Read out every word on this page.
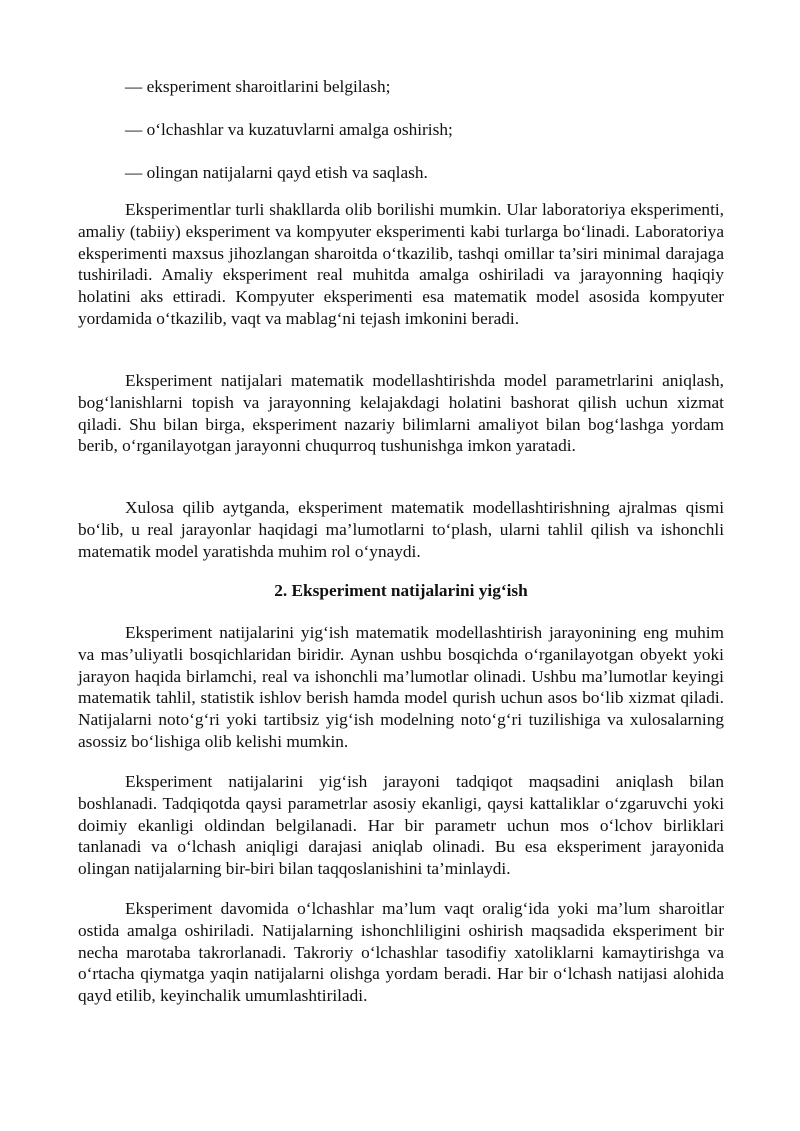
— eksperiment sharoitlarini belgilash;
— o‘lchashlar va kuzatuvlarni amalga oshirish;
— olingan natijalarni qayd etish va saqlash.
Eksperimentlar turli shakllarda olib borilishi mumkin. Ular laboratoriya eksperimenti, amaliy (tabiiy) eksperiment va kompyuter eksperimenti kabi turlarga bo‘linadi. Laboratoriya eksperimenti maxsus jihozlangan sharoitda o‘tkazilib, tashqi omillar ta’siri minimal darajaga tushiriladi. Amaliy eksperiment real muhitda amalga oshiriladi va jarayonning haqiqiy holatini aks ettiradi. Kompyuter eksperimenti esa matematik model asosida kompyuter yordamida o‘tkazilib, vaqt va mablag‘ni tejash imkonini beradi.
Eksperiment natijalari matematik modellashtirishda model parametrlarini aniqlash, bog‘lanishlarni topish va jarayonning kelajakdagi holatini bashorat qilish uchun xizmat qiladi. Shu bilan birga, eksperiment nazariy bilimlarni amaliyot bilan bog‘lashga yordam berib, o‘rganilayotgan jarayonni chuqurroq tushunishga imkon yaratadi.
Xulosa qilib aytganda, eksperiment matematik modellashtirishning ajralmas qismi bo‘lib, u real jarayonlar haqidagi ma’lumotlarni to‘plash, ularni tahlil qilish va ishonchli matematik model yaratishda muhim rol o‘ynaydi.
2. Eksperiment natijalarini yig‘ish
Eksperiment natijalarini yig‘ish matematik modellashtirish jarayonining eng muhim va mas’uliyatli bosqichlaridan biridir. Aynan ushbu bosqichda o‘rganilayotgan obyekt yoki jarayon haqida birlamchi, real va ishonchli ma’lumotlar olinadi. Ushbu ma’lumotlar keyingi matematik tahlil, statistik ishlov berish hamda model qurish uchun asos bo‘lib xizmat qiladi. Natijalarni noto‘g‘ri yoki tartibsiz yig‘ish modelning noto‘g‘ri tuzilishiga va xulosalarning asossiz bo‘lishiga olib kelishi mumkin.
Eksperiment natijalarini yig‘ish jarayoni tadqiqot maqsadini aniqlash bilan boshlanadi. Tadqiqotda qaysi parametrlar asosiy ekanligi, qaysi kattaliklar o‘zgaruvchi yoki doimiy ekanligi oldindan belgilanadi. Har bir parametr uchun mos o‘lchov birliklari tanlanadi va o‘lchash aniqligi darajasi aniqlab olinadi. Bu esa eksperiment jarayonida olingan natijalarning bir-biri bilan taqqoslanishini ta’minlaydi.
Eksperiment davomida o‘lchashlar ma’lum vaqt oralig‘ida yoki ma’lum sharoitlar ostida amalga oshiriladi. Natijalarning ishonchliligini oshirish maqsadida eksperiment bir necha marotaba takrorlanadi. Takroriy o‘lchashlar tasodifiy xatoliklarni kamaytirishga va o‘rtacha qiymatga yaqin natijalarni olishga yordam beradi. Har bir o‘lchash natijasi alohida qayd etilib, keyinchalik umumlashtiriladi.
